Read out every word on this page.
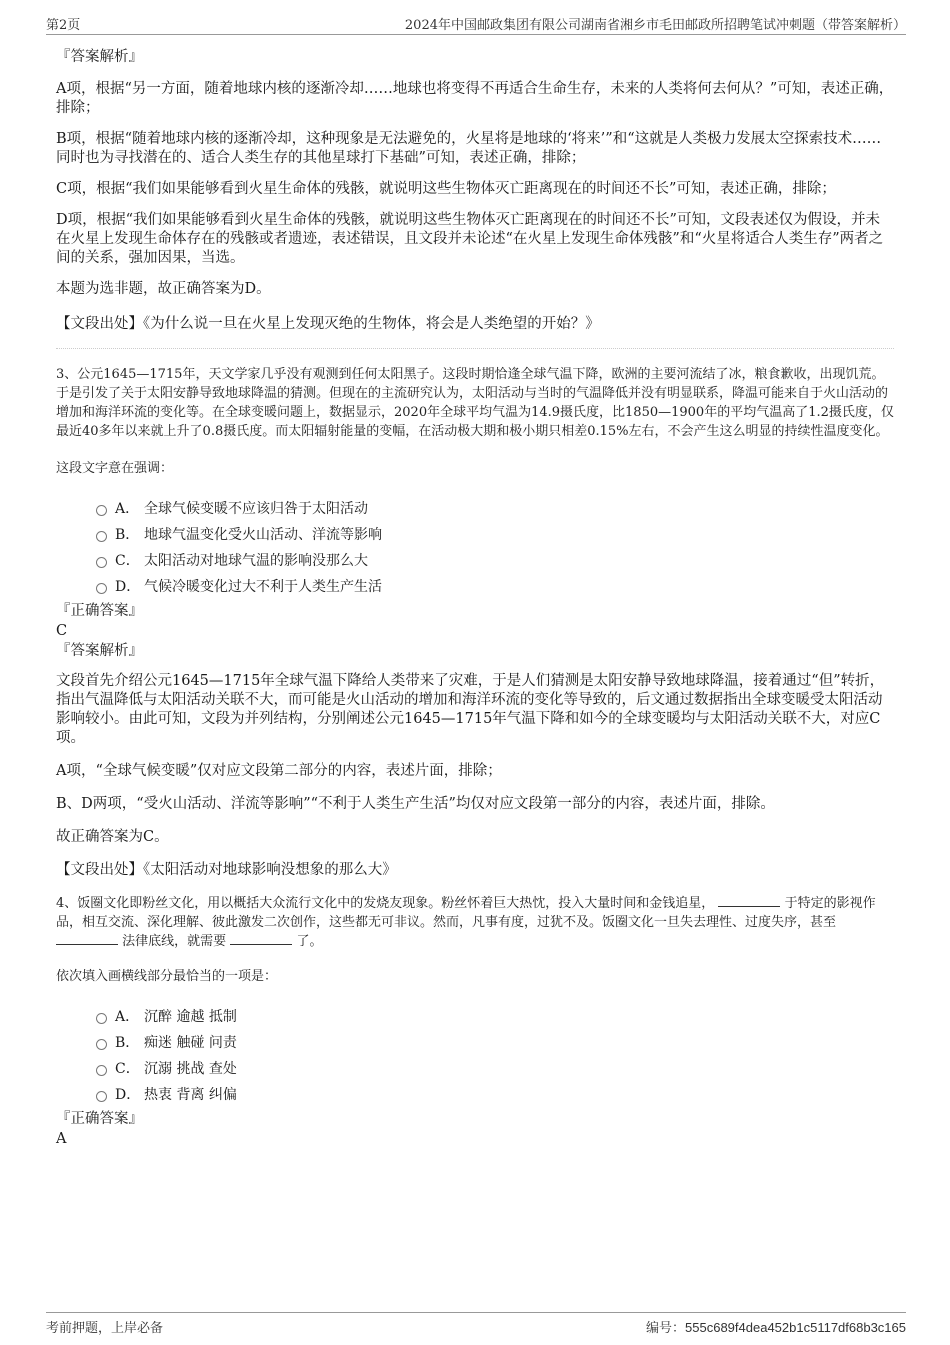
第2页	2024年中国邮政集团有限公司湖南省湘乡市毛田邮政所招聘笔试冲刺题（带答案解析）
『答案解析』

A项，根据“另一方面，随着地球内核的逐渐冷却……地球也将变得不再适合生命生存，未来的人类将何去何从？”可知，表述正确，排除；

B项，根据“随着地球内核的逐渐冷却，这种现象是无法避免的，火星将是地球的‘将来’”和“这就是人类极力发展太空探索技术……同时也为寻找潜在的、适合人类生存的其他星球打下基础”可知，表述正确，排除；

C项，根据“我们如果能够看到火星生命体的残骸，就说明这些生物体灭亡距离现在的时间还不长”可知，表述正确，排除；

D项，根据“我们如果能够看到火星生命体的残骸，就说明这些生物体灭亡距离现在的时间还不长”可知，文段表述仅为假设，并未在火星上发现生命体存在的残骸或者遗迹，表述错误，且文段并未论述“在火星上发现生命体残骸”和“火星将适合人类生存”两者之间的关系，强加因果，当选。

本题为选非题，故正确答案为D。

【文段出处】《为什么说一旦在火星上发现灭绝的生物体，将会是人类绝望的开始？》

3、公元1645—1715年，天文学家几乎没有观测到任何太阳黑子。这段时期恰逢全球气温下降，欧洲的主要河流结了冰，粮食歉收，出现饥荒。于是引发了关于太阳安静导致地球降温的猜测。但现在的主流研究认为，太阳活动与当时的气温降低并没有明显联系，降温可能来自于火山活动的增加和海洋环流的变化等。在全球变暖问题上，数据显示，2020年全球平均气温为14.9摄氏度，比1850—1900年的平均气温高了1.2摄氏度，仅最近40多年以来就上升了0.8摄氏度。而太阳辐射能量的变幅，在活动极大期和极小期只相差0.15%左右，不会产生这么明显的持续性温度变化。

这段文字意在强调：

A． 全球气候变暖不应该归咎于太阳活动
B． 地球气温变化受火山活动、洋流等影响
C． 太阳活动对地球气温的影响没那么大
D． 气候冷暖变化过大不利于人类生产生活
『正确答案』
C
『答案解析』

文段首先介绍公元1645—1715年全球气温下降给人类带来了灾难，于是人们猜测是太阳安静导致地球降温，接着通过“但”转折，指出气温降低与太阳活动关联不大，而可能是火山活动的增加和海洋环流的变化等导致的，后文通过数据指出全球变暖受太阳活动影响较小。由此可知，文段为并列结构，分别阐述公元1645—1715年气温下降和如今的全球变暖均与太阳活动关联不大，对应C项。

A项，“全球气候变暖”仅对应文段第二部分的内容，表述片面，排除；

B、D两项，“受火山活动、洋流等影响”“不利于人类生产生活”均仅对应文段第一部分的内容，表述片面，排除。

故正确答案为C。

【文段出处】《太阳活动对地球影响没想象的那么大》

4、饭圈文化即粉丝文化，用以概括大众流行文化中的发烧友现象。粉丝怀着巨大热忱，投入大量时间和金钱追星，	于特定的影视作品，相互交流、深化理解、彼此激发二次创作，这些都无可非议。然而，凡事有度，过犹不及。饭圈文化一旦失去理性、过度失序，甚至  法律底线，就需要	了。

依次填入画横线部分最恰当的一项是：

A． 沉醉 逾越 抵制
B． 痴迷 触碰 问责
C． 沉溺 挑战 查处
D． 热衷 背离 纠偏
『正确答案』
A
考前押题，上岸必备	编号：555c689f4dea452b1c5117df68b3c165
